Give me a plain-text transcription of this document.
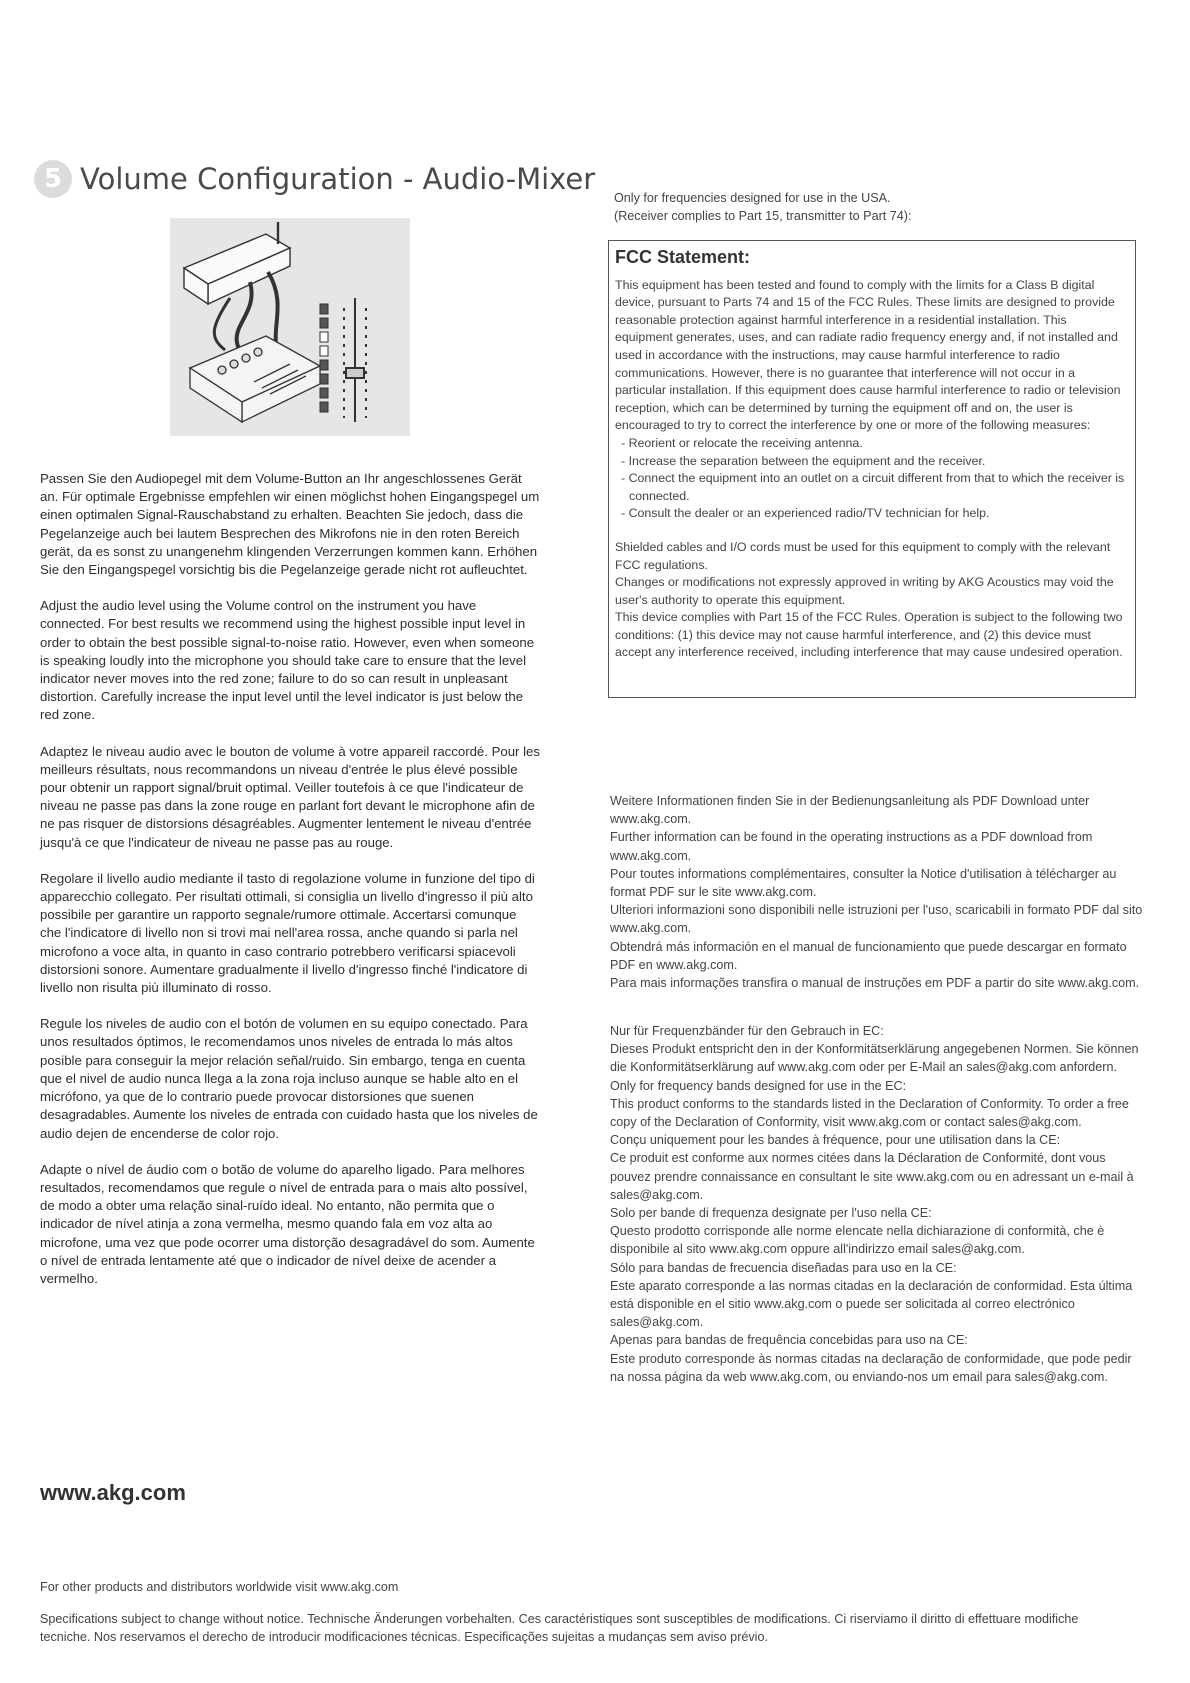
5 Volume Configuration - Audio-Mixer

Passen Sie den Audiopegel mit dem Volume-Button an Ihr angeschlossenes Gerät an. Für optimale Ergebnisse empfehlen wir einen möglichst hohen Eingangspegel um einen optimalen Signal-Rauschabstand zu erhalten. Beachten Sie jedoch, dass die Pegelanzeige auch bei lautem Besprechen des Mikrofons nie in den roten Bereich gerät, da es sonst zu unangenehm klingenden Verzerrungen kommen kann. Erhöhen Sie den Eingangspegel vorsichtig bis die Pegelanzeige gerade nicht rot aufleuchtet.

Adjust the audio level using the Volume control on the instrument you have connected. For best results we recommend using the highest possible input level in order to obtain the best possible signal-to-noise ratio. However, even when someone is speaking loudly into the microphone you should take care to ensure that the level indicator never moves into the red zone; failure to do so can result in unpleasant distortion. Carefully increase the input level until the level indicator is just below the red zone.

Adaptez le niveau audio avec le bouton de volume à votre appareil raccordé. Pour les meilleurs résultats, nous recommandons un niveau d'entrée le plus élevé possible pour obtenir un rapport signal/bruit optimal. Veiller toutefois à ce que l'indicateur de niveau ne passe pas dans la zone rouge en parlant fort devant le microphone afin de ne pas risquer de distorsions désagréables. Augmenter lentement le niveau d'entrée jusqu'à ce que l'indicateur de niveau ne passe pas au rouge.

Regolare il livello audio mediante il tasto di regolazione volume in funzione del tipo di apparecchio collegato. Per risultati ottimali, si consiglia un livello d'ingresso il più alto possibile per garantire un rapporto segnale/rumore ottimale. Accertarsi comunque che l'indicatore di livello non si trovi mai nell'area rossa, anche quando si parla nel microfono a voce alta, in quanto in caso contrario potrebbero verificarsi spiacevoli distorsioni sonore. Aumentare gradualmente il livello d'ingresso finché l'indicatore di livello non risulta più illuminato di rosso.

Regule los niveles de audio con el botón de volumen en su equipo conectado. Para unos resultados óptimos, le recomendamos unos niveles de entrada lo más altos posible para conseguir la mejor relación señal/ruido. Sin embargo, tenga en cuenta que el nivel de audio nunca llega a la zona roja incluso aunque se hable alto en el micrófono, ya que de lo contrario puede provocar distorsiones que suenen desagradables. Aumente los niveles de entrada con cuidado hasta que los niveles de audio dejen de encenderse de color rojo.

Adapte o nível de áudio com o botão de volume do aparelho ligado. Para melhores resultados, recomendamos que regule o nível de entrada para o mais alto possível, de modo a obter uma relação sinal-ruído ideal. No entanto, não permita que o indicador de nível atinja a zona vermelha, mesmo quando fala em voz alta ao microfone, uma vez que pode ocorrer uma distorção desagradável do som. Aumente o nível de entrada lentamente até que o indicador de nível deixe de acender a vermelho.

Only for frequencies designed for use in the USA.
(Receiver complies to Part 15, transmitter to Part 74):
FCC Statement:

This equipment has been tested and found to comply with the limits for a Class B digital device, pursuant to Parts 74 and 15 of the FCC Rules. These limits are designed to provide reasonable protection against harmful interference in a residential installation. This equipment generates, uses, and can radiate radio frequency energy and, if not installed and used in accordance with the instructions, may cause harmful interference to radio communications. However, there is no guarantee that interference will not occur in a particular installation. If this equipment does cause harmful interference to radio or television reception, which can be determined by turning the equipment off and on, the user is encouraged to try to correct the interference by one or more of the following measures:

- Reorient or relocate the receiving antenna.
- Increase the separation between the equipment and the receiver.
- Connect the equipment into an outlet on a circuit different from that to which the receiver is connected.
- Consult the dealer or an experienced radio/TV technician for help.

Shielded cables and I/O cords must be used for this equipment to comply with the relevant FCC regulations.

Changes or modifications not expressly approved in writing by AKG Acoustics may void the user's authority to operate this equipment.

This device complies with Part 15 of the FCC Rules. Operation is subject to the following two conditions: (1) this device may not cause harmful interference, and (2) this device must accept any interference received, including interference that may cause undesired operation.

Weitere Informationen finden Sie in der Bedienungsanleitung als PDF Download unter www.akg.com.
Further information can be found in the operating instructions as a PDF download from www.akg.com.
Pour toutes informations complémentaires, consulter la Notice d'utilisation à télécharger au format PDF sur le site www.akg.com.
Ulteriori informazioni sono disponibili nelle istruzioni per l'uso, scaricabili in formato PDF dal sito www.akg.com.
Obtendrá más información en el manual de funcionamiento que puede descargar en formato PDF en www.akg.com.
Para mais informações transfira o manual de instruções em PDF a partir do site www.akg.com.
Nur für Frequenzbänder für den Gebrauch in EC:
Dieses Produkt entspricht den in der Konformitätserklärung angegebenen Normen. Sie können die Konformitätserklärung auf www.akg.com oder per E-Mail an sales@akg.com anfordern.
Only for frequency bands designed for use in the EC:
This product conforms to the standards listed in the Declaration of Conformity. To order a free copy of the Declaration of Conformity, visit www.akg.com or contact sales@akg.com.
Conçu uniquement pour les bandes à fréquence, pour une utilisation dans la CE:
Ce produit est conforme aux normes citées dans la Déclaration de Conformité, dont vous pouvez prendre connaissance en consultant le site www.akg.com ou en adressant un e-mail à sales@akg.com.
Solo per bande di frequenza designate per l'uso nella CE:
Questo prodotto corrisponde alle norme elencate nella dichiarazione di conformità, che è disponibile al sito www.akg.com oppure all'indirizzo email sales@akg.com.
Sólo para bandas de frecuencia diseñadas para uso en la CE:
Este aparato corresponde a las normas citadas en la declaración de conformidad. Esta última está disponible en el sitio www.akg.com o puede ser solicitada al correo electrónico sales@akg.com.
Apenas para bandas de frequência concebidas para uso na CE:
Este produto corresponde às normas citadas na declaração de conformidade, que pode pedir na nossa página da web www.akg.com, ou enviando-nos um email para sales@akg.com.
www.akg.com
For other products and distributors worldwide visit www.akg.com
Specifications subject to change without notice. Technische Änderungen vorbehalten. Ces caractéristiques sont susceptibles de modifications. Ci riserviamo il diritto di effettuare modifiche tecniche. Nos reservamos el derecho de introducir modificaciones técnicas. Especificações sujeitas a mudanças sem aviso prévio.
